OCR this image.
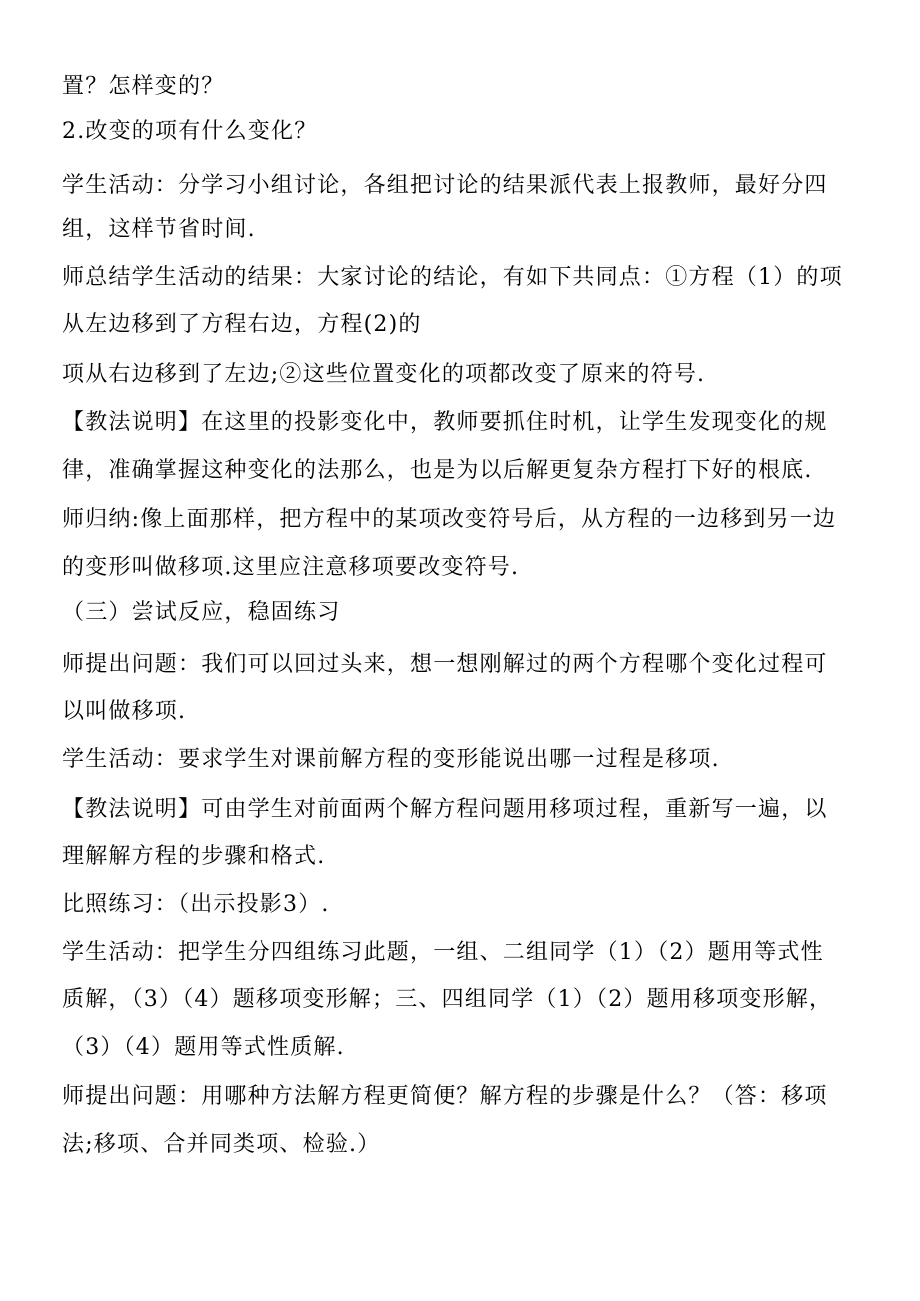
置？怎样变的？
2.改变的项有什么变化？
学生活动：分学习小组讨论，各组把讨论的结果派代表上报教师，最好分四
组，这样节省时间.
师总结学生活动的结果：大家讨论的结论，有如下共同点：①方程（1）的项
从左边移到了方程右边，方程(2)的
项从右边移到了左边;②这些位置变化的项都改变了原来的符号.
【教法说明】在这里的投影变化中，教师要抓住时机，让学生发现变化的规
律，准确掌握这种变化的法那么，也是为以后解更复杂方程打下好的根底.
师归纳:像上面那样，把方程中的某项改变符号后，从方程的一边移到另一边
的变形叫做移项.这里应注意移项要改变符号.
（三）尝试反应，稳固练习
师提出问题：我们可以回过头来，想一想刚解过的两个方程哪个变化过程可
以叫做移项.
学生活动：要求学生对课前解方程的变形能说出哪一过程是移项.
【教法说明】可由学生对前面两个解方程问题用移项过程，重新写一遍，以
理解解方程的步骤和格式.
比照练习：（出示投影3）.
学生活动：把学生分四组练习此题，一组、二组同学（1）（2）题用等式性
质解，（3）（4）题移项变形解；三、四组同学（1）（2）题用移项变形解，
（3）（4）题用等式性质解.
师提出问题：用哪种方法解方程更简便？解方程的步骤是什么？（答：移项
法;移项、合并同类项、检验.）
